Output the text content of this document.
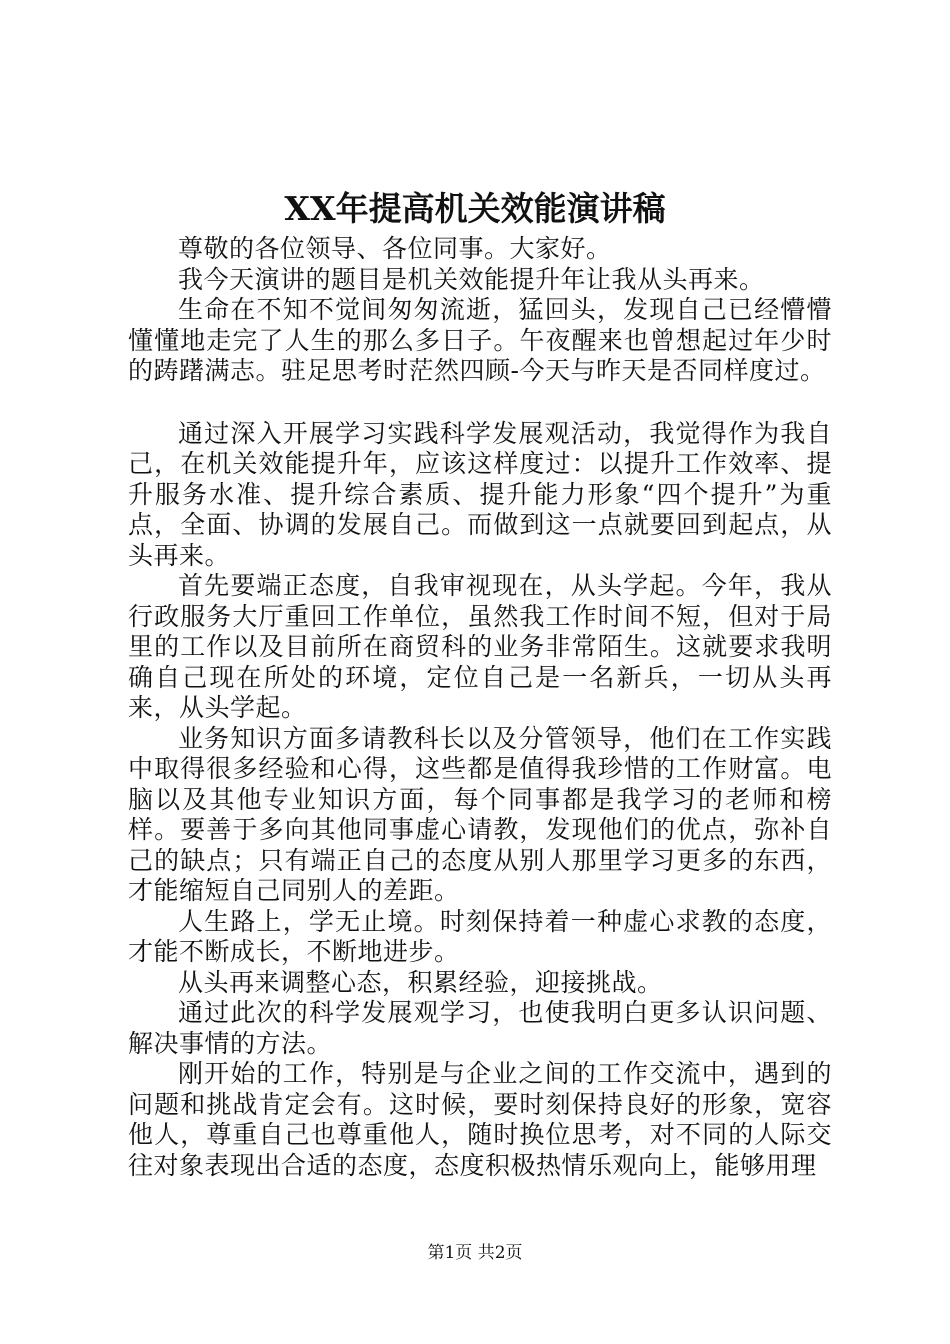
XX年提高机关效能演讲稿

尊敬的各位领导、各位同事。大家好。

我今天演讲的题目是机关效能提升年让我从头再来。

生命在不知不觉间匆匆流逝，猛回头，发现自己已经懵懵懂懂地走完了人生的那么多日子。午夜醒来也曾想起过年少时的踌躇满志。驻足思考时茫然四顾-今天与昨天是否同样度过。

通过深入开展学习实践科学发展观活动，我觉得作为我自己，在机关效能提升年，应该这样度过：以提升工作效率、提升服务水准、提升综合素质、提升能力形象“四个提升”为重点，全面、协调的发展自己。而做到这一点就要回到起点，从头再来。

首先要端正态度，自我审视现在，从头学起。今年，我从行政服务大厅重回工作单位，虽然我工作时间不短，但对于局里的工作以及目前所在商贸科的业务非常陌生。这就要求我明确自己现在所处的环境，定位自己是一名新兵，一切从头再来，从头学起。

业务知识方面多请教科长以及分管领导，他们在工作实践中取得很多经验和心得，这些都是值得我珍惜的工作财富。电脑以及其他专业知识方面，每个同事都是我学习的老师和榜样。要善于多向其他同事虚心请教，发现他们的优点，弥补自己的缺点；只有端正自己的态度从别人那里学习更多的东西，才能缩短自己同别人的差距。

人生路上，学无止境。时刻保持着一种虚心求教的态度，才能不断成长，不断地进步。

从头再来调整心态，积累经验，迎接挑战。

通过此次的科学发展观学习，也使我明白更多认识问题、解决事情的方法。

刚开始的工作，特别是与企业之间的工作交流中，遇到的问题和挑战肯定会有。这时候，要时刻保持良好的形象，宽容他人，尊重自己也尊重他人，随时换位思考，对不同的人际交往对象表现出合适的态度，态度积极热情乐观向上，能够用理

第1页 共2页
